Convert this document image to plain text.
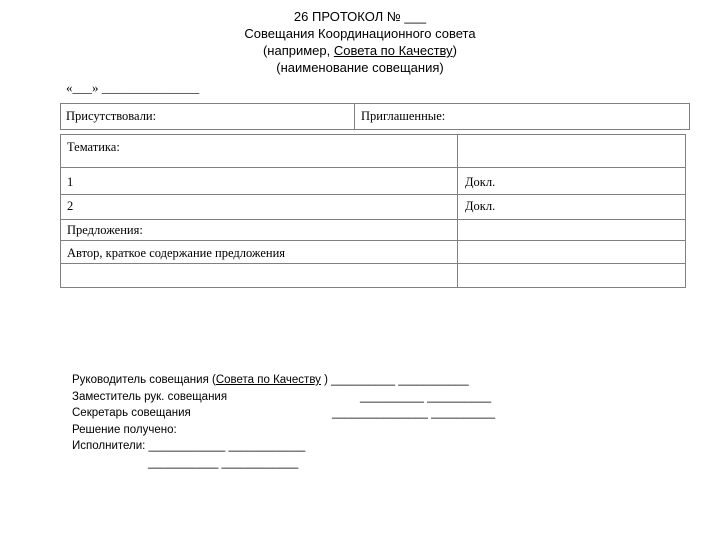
26 ПРОТОКОЛ № ___
Совещания Координационного совета
(например, Совета по Качеству)
(наименование совещания)
«___» _______________
Присутствовали:	Приглашенные:
Тематика:
1	Докл.
2	Докл.
Предложения:
Автор, краткое содержание предложения
Руководитель совещания (Совета по Качеству ) __________ ___________
Заместитель рук. совещания	__________ __________
Секретарь совещания	_______________ __________
Решение получено:
Исполнители: ____________ ____________
___________ ____________
